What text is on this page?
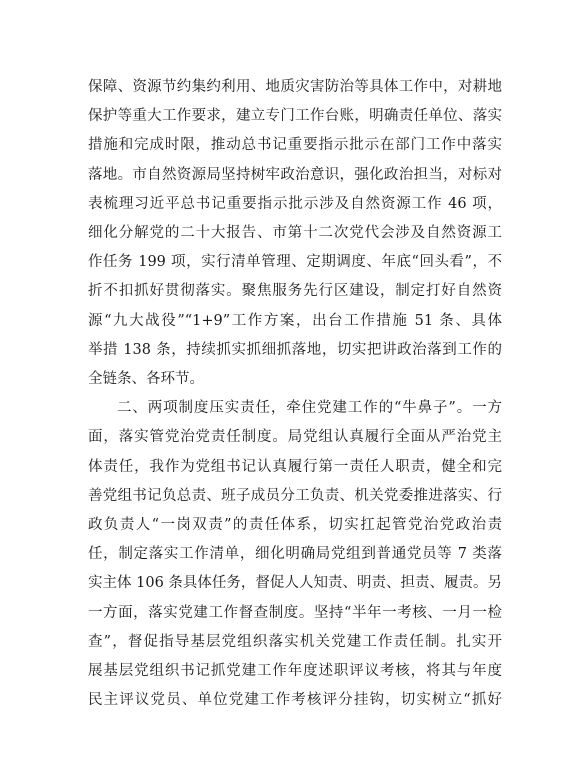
保障、资源节约集约利用、地质灾害防治等具体工作中，对耕地
保护等重大工作要求，建立专门工作台账，明确责任单位、落实
措施和完成时限，推动总书记重要指示批示在部门工作中落实
落地。市自然资源局坚持树牢政治意识，强化政治担当，对标对
表梳理习近平总书记重要指示批示涉及自然资源工作 46 项，
细化分解党的二十大报告、市第十二次党代会涉及自然资源工
作任务 199 项，实行清单管理、定期调度、年底“回头看”，不
折不扣抓好贯彻落实。聚焦服务先行区建设，制定打好自然资
源“九大战役”“1+9”工作方案，出台工作措施 51 条、具体
举措 138 条，持续抓实抓细抓落地，切实把讲政治落到工作的
全链条、各环节。

二、两项制度压实责任，牵住党建工作的“牛鼻子”。一方
面，落实管党治党责任制度。局党组认真履行全面从严治党主
体责任，我作为党组书记认真履行第一责任人职责，健全和完
善党组书记负总责、班子成员分工负责、机关党委推进落实、行
政负责人“一岗双责”的责任体系，切实扛起管党治党政治责
任，制定落实工作清单，细化明确局党组到普通党员等 7 类落
实主体 106 条具体任务，督促人人知责、明责、担责、履责。另
一方面，落实党建工作督查制度。坚持“半年一考核、一月一检
查”，督促指导基层党组织落实机关党建工作责任制。扎实开
展基层党组织书记抓党建工作年度述职评议考核，将其与年度
民主评议党员、单位党建工作考核评分挂钩，切实树立“抓好
